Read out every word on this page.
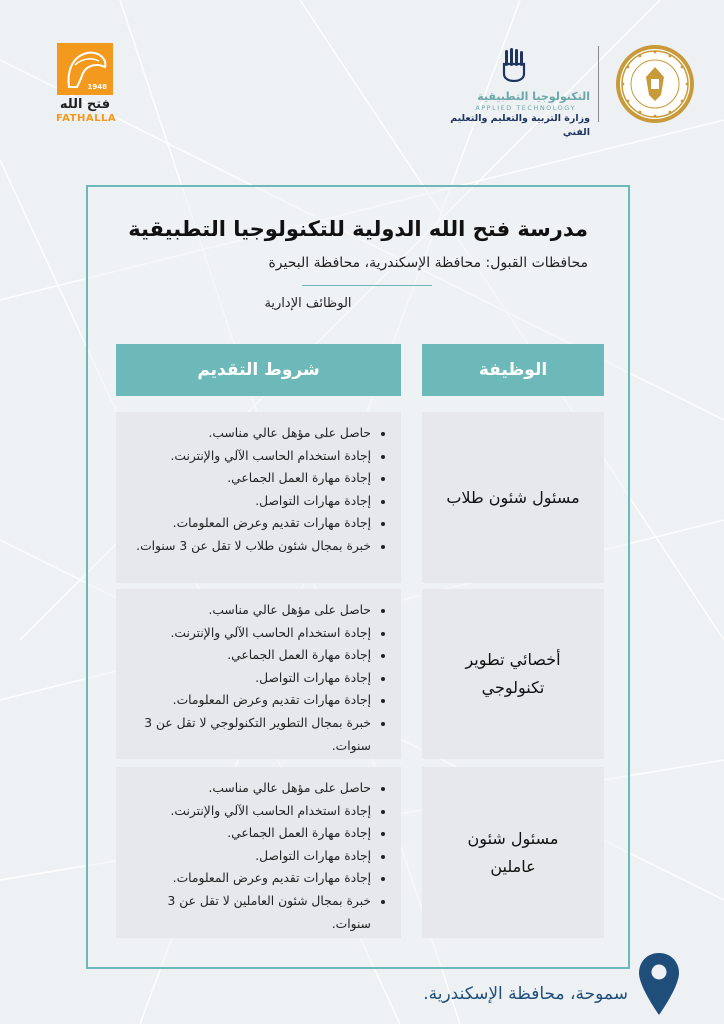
1948
فتح الله
FATHALLA
التكنولوجيا التطبيقية
APPLIED TECHNOLOGY
وزارة التربية والتعليم والتعليم الفني
مدرسة فتح الله الدولية للتكنولوجيا التطبيقية
محافظات القبول: محافظة الإسكندرية، محافظة البحيرة
الوظائف الإدارية
الوظيفة
شروط التقديم
مسئول شئون طلاب
• حاصل على مؤهل عالي مناسب.
• إجادة استخدام الحاسب الآلي والإنترنت.
• إجادة مهارة العمل الجماعي.
• إجادة مهارات التواصل.
• إجادة مهارات تقديم وعرض المعلومات.
• خبرة بمجال شئون طلاب لا تقل عن 3 سنوات.
أخصائي تطوير تكنولوجي
• حاصل على مؤهل عالي مناسب.
• إجادة استخدام الحاسب الآلي والإنترنت.
• إجادة مهارة العمل الجماعي.
• إجادة مهارات التواصل.
• إجادة مهارات تقديم وعرض المعلومات.
• خبرة بمجال التطوير التكنولوجي لا تقل عن 3 سنوات.
مسئول شئون عاملين
• حاصل على مؤهل عالي مناسب.
• إجادة استخدام الحاسب الآلي والإنترنت.
• إجادة مهارة العمل الجماعي.
• إجادة مهارات التواصل.
• إجادة مهارات تقديم وعرض المعلومات.
• خبرة بمجال شئون العاملين لا تقل عن 3 سنوات.
سموحة، محافظة الإسكندرية.
